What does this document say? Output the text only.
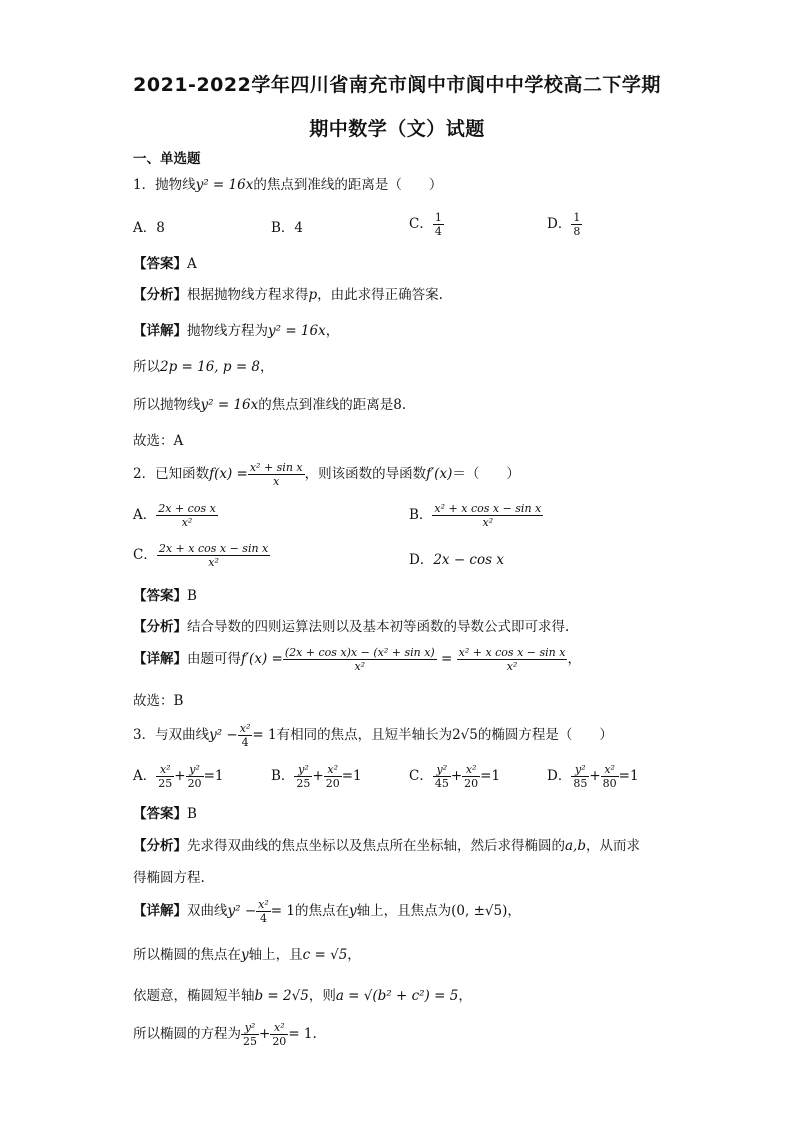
2021-2022学年四川省南充市阆中市阆中中学校高二下学期
期中数学（文）试题
一、单选题
1．抛物线y² = 16x的焦点到准线的距离是（　　）
A．8	B．4	C． $\frac{1}{4}$	D． $\frac{1}{8}$
【答案】A
【分析】根据抛物线方程求得p，由此求得正确答案.
【详解】抛物线方程为y² = 16x，
所以2p = 16, p = 8，
所以抛物线y² = 16x的焦点到准线的距离是8.
故选：A
2．已知函数$f(x) = \frac{\text{x² + sin x}}{x}$ ，则该函数的导函数f′(x)＝（　　）
A． $\frac{\text{2x + cos x}}{\text{x²}}$	B． $\frac{\text{x² + x cos x − sin x}}{\text{x²}}$
C． $\frac{\text{2x + x cos x − sin x}}{\text{x²}}$	D．2x − cos x
【答案】B
【分析】结合导数的四则运算法则以及基本初等函数的导数公式即可求得.
【详解】由题可得$f'(x) = \frac{\text{(2x + cos x)x − (x² + sin x)}}{\text{x²}} = \frac{\text{x² + x cos x − sin x}}{\text{x²}}$ ，
故选：B
3．与双曲线$y^2 - \frac{\text{x²}}{4} = 1$有相同的焦点，且短半轴长为2√5的椭圆方程是（　　）
A． $\frac{\text{x²}}{25} + \frac{\text{y²}}{20} =1$	B． $\frac{\text{y²}}{25} + \frac{\text{x²}}{20} =1$	C． $\frac{\text{y²}}{45} + \frac{\text{x²}}{20} =1$	D． $\frac{\text{y²}}{85} + \frac{\text{x²}}{80} =1$
【答案】B
【分析】先求得双曲线的焦点坐标以及焦点所在坐标轴，然后求得椭圆的a,b，从而求
得椭圆方程.
【详解】双曲线$y^2 - \frac{\text{x²}}{4} = 1$的焦点在y轴上，且焦点为(0, ±√5)，
所以椭圆的焦点在y轴上，且c = √5，
依题意，椭圆短半轴b = 2√5，则a = √(b² + c²) = 5，
所以椭圆的方程为 $\frac{\text{y²}}{25} + \frac{\text{x²}}{20} = 1$.
